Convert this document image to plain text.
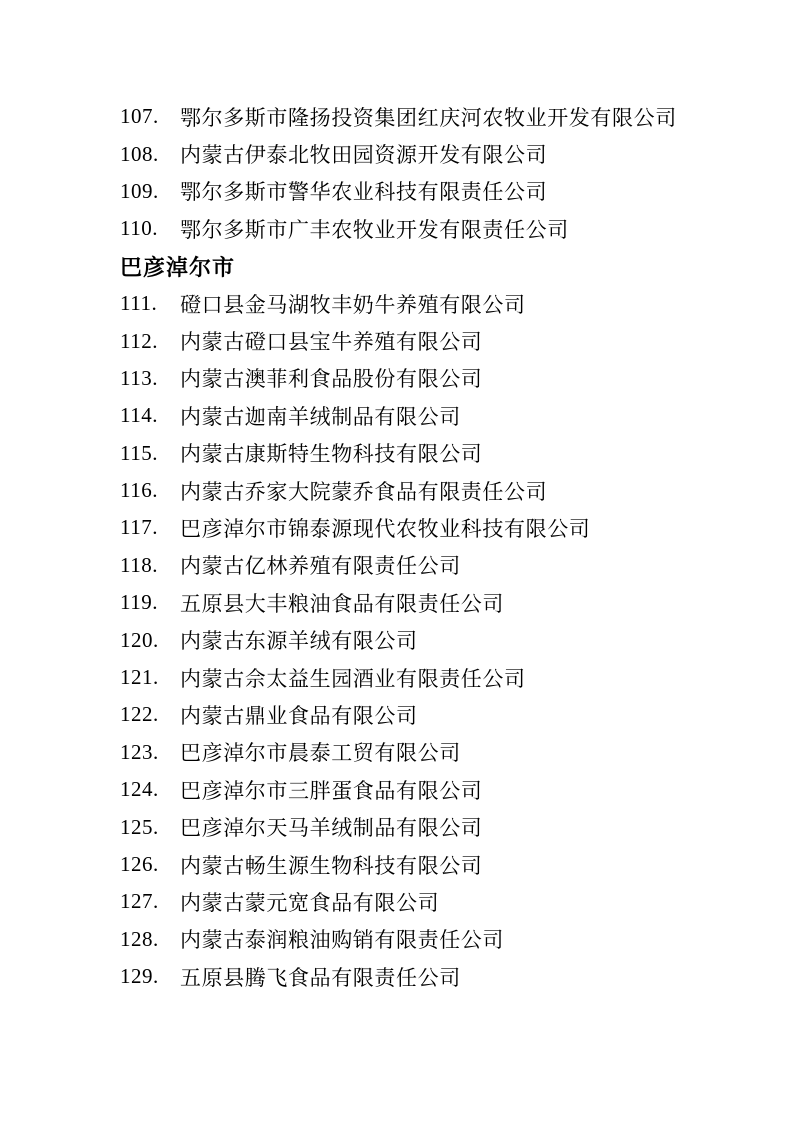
107.	鄂尔多斯市隆扬投资集团红庆河农牧业开发有限公司
108.	内蒙古伊泰北牧田园资源开发有限公司
109.	鄂尔多斯市警华农业科技有限责任公司
110.	鄂尔多斯市广丰农牧业开发有限责任公司
巴彦淖尔市
111.	磴口县金马湖牧丰奶牛养殖有限公司
112.	内蒙古磴口县宝牛养殖有限公司
113.	内蒙古澳菲利食品股份有限公司
114.	内蒙古迦南羊绒制品有限公司
115.	内蒙古康斯特生物科技有限公司
116.	内蒙古乔家大院蒙乔食品有限责任公司
117.	巴彦淖尔市锦泰源现代农牧业科技有限公司
118.	内蒙古亿林养殖有限责任公司
119.	五原县大丰粮油食品有限责任公司
120.	内蒙古东源羊绒有限公司
121.	内蒙古佘太益生园酒业有限责任公司
122.	内蒙古鼎业食品有限公司
123.	巴彦淖尔市晨泰工贸有限公司
124.	巴彦淖尔市三胖蛋食品有限公司
125.	巴彦淖尔天马羊绒制品有限公司
126.	内蒙古畅生源生物科技有限公司
127.	内蒙古蒙元宽食品有限公司
128.	内蒙古泰润粮油购销有限责任公司
129.	五原县腾飞食品有限责任公司
